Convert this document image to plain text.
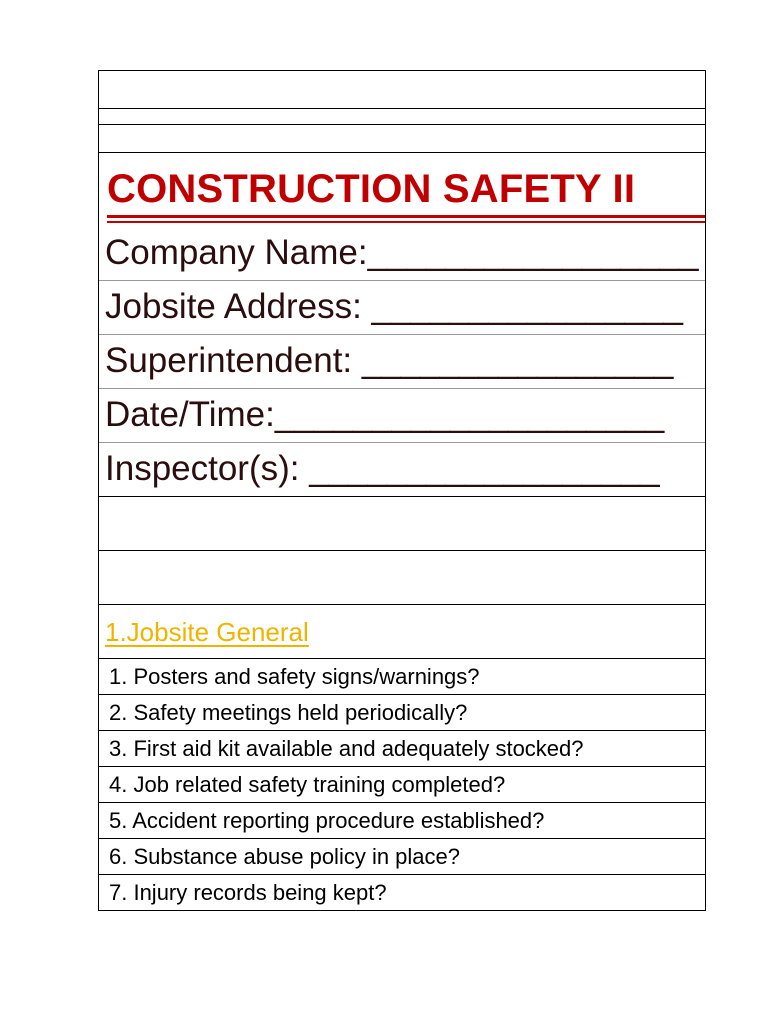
CONSTRUCTION SAFETY II
Company Name:_________________
Jobsite Address: ________________
Superintendent: ________________
Date/Time:____________________
Inspector(s): __________________
1.Jobsite General
1. Posters and safety signs/warnings?
2. Safety meetings held periodically?
3. First aid kit available and adequately stocked?
4. Job related safety training completed?
5. Accident reporting procedure established?
6. Substance abuse policy in place?
7. Injury records being kept?
